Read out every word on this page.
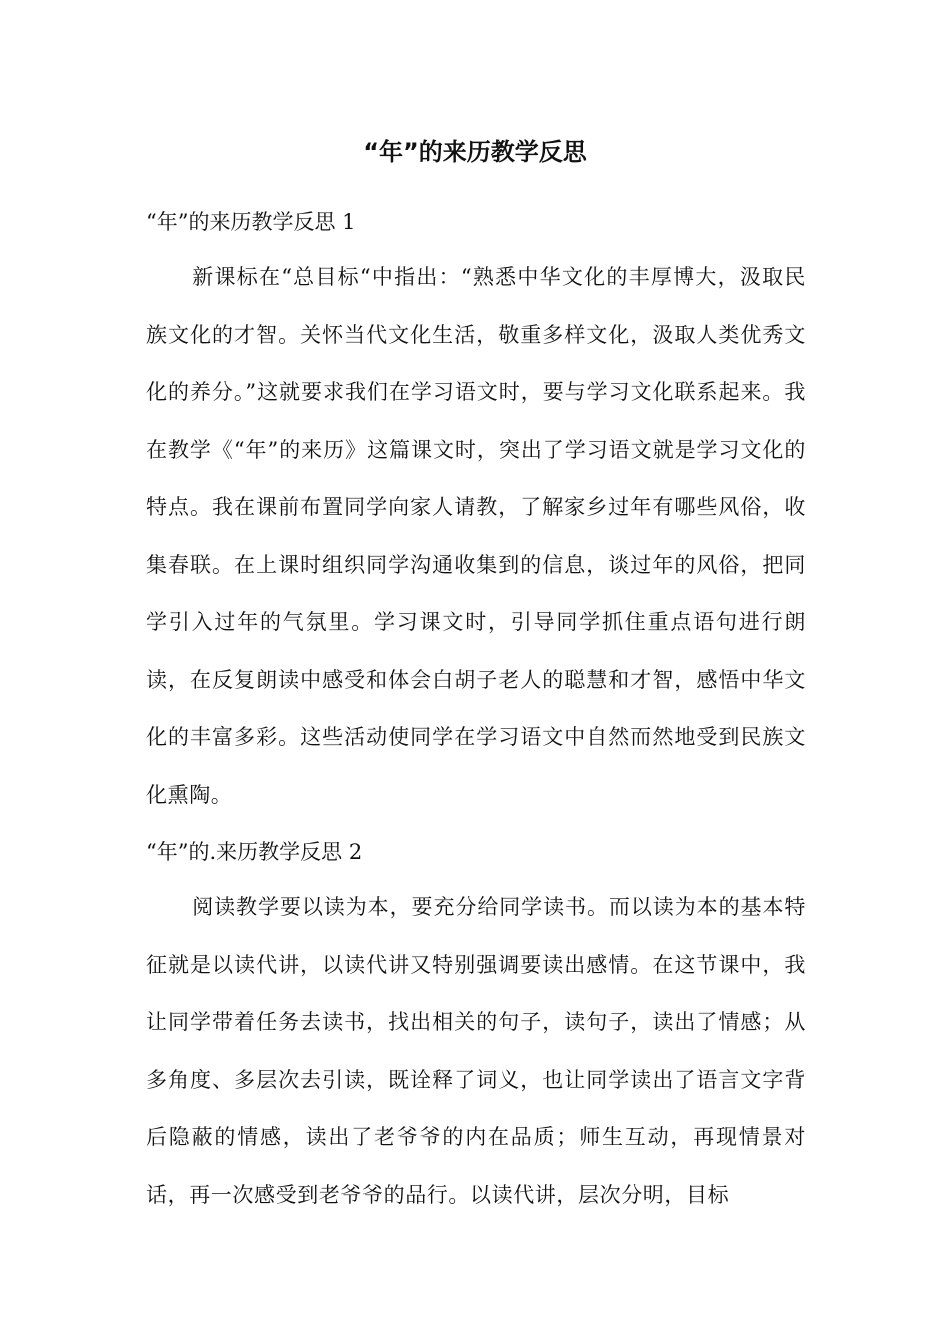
“年”的来历教学反思
“年”的来历教学反思 1

新课标在“总目标“中指出：“熟悉中华文化的丰厚博大，汲取民族文化的才智。关怀当代文化生活，敬重多样文化，汲取人类优秀文化的养分。”这就要求我们在学习语文时，要与学习文化联系起来。我在教学《“年”的来历》这篇课文时，突出了学习语文就是学习文化的特点。我在课前布置同学向家人请教，了解家乡过年有哪些风俗，收集春联。在上课时组织同学沟通收集到的信息，谈过年的风俗，把同学引入过年的气氛里。学习课文时，引导同学抓住重点语句进行朗读，在反复朗读中感受和体会白胡子老人的聪慧和才智，感悟中华文化的丰富多彩。这些活动使同学在学习语文中自然而然地受到民族文化熏陶。

“年”的.来历教学反思 2

阅读教学要以读为本，要充分给同学读书。而以读为本的基本特征就是以读代讲，以读代讲又特别强调要读出感情。在这节课中，我让同学带着任务去读书，找出相关的句子，读句子，读出了情感；从多角度、多层次去引读，既诠释了词义，也让同学读出了语言文字背后隐蔽的情感，读出了老爷爷的内在品质；师生互动，再现情景对话，再一次感受到老爷爷的品行。以读代讲，层次分明，目标
